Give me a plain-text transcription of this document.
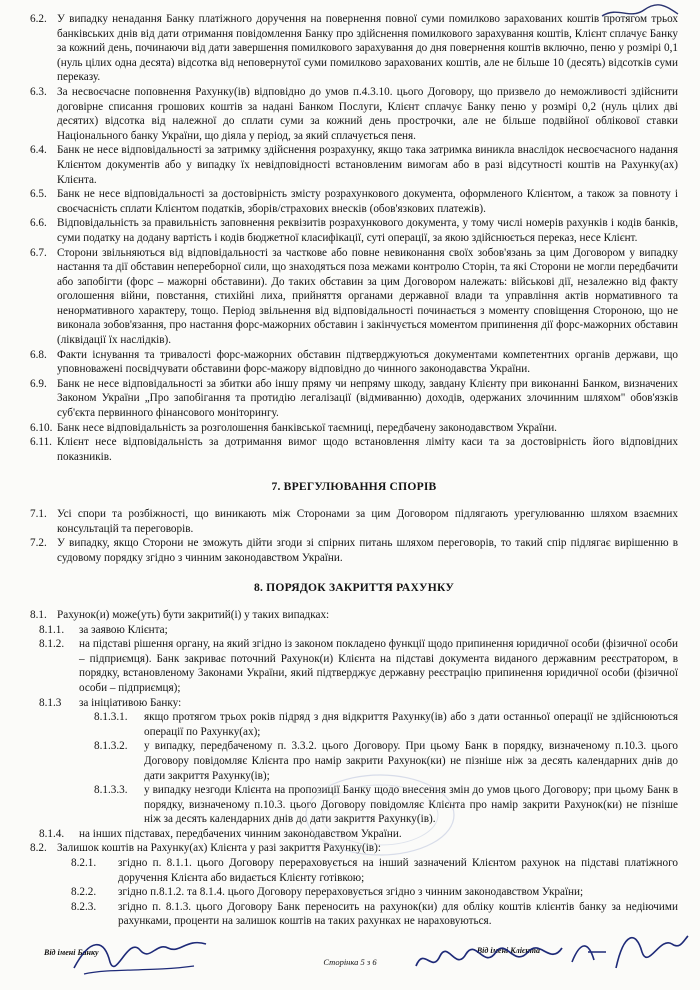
6.2. У випадку ненадання Банку платіжного доручення на повернення повної суми помилково зарахованих коштів протягом трьох банківських днів від дати отримання повідомлення Банку про здійснення помилкового зарахування коштів, Клієнт сплачує Банку за кожний день, починаючи від дати завершення помилкового зарахування до дня повернення коштів включно, пеню у розмірі 0,1 (нуль цілих одна десята) відсотка від неповернутої суми помилково зарахованих коштів, але не більше 10 (десять) відсотків суми переказу.
6.3. За несвоєчасне поповнення Рахунку(ів) відповідно до умов п.4.3.10. цього Договору, що призвело до неможливості здійснити договірне списання грошових коштів за надані Банком Послуги, Клієнт сплачує Банку пеню у розмірі 0,2 (нуль цілих дві десятих) відсотка від належної до сплати суми за кожний день прострочки, але не більше подвійної облікової ставки Національного банку України, що діяла у період, за який сплачується пеня.
6.4. Банк не несе відповідальності за затримку здійснення розрахунку, якщо така затримка виникла внаслідок несвоєчасного надання Клієнтом документів або у випадку їх невідповідності встановленим вимогам або в разі відсутності коштів на Рахунку(ах) Клієнта.
6.5. Банк не несе відповідальності за достовірність змісту розрахункового документа, оформленого Клієнтом, а також за повноту і своєчасність сплати Клієнтом податків, зборів/страхових внесків (обов'язкових платежів).
6.6. Відповідальність за правильність заповнення реквізитів розрахункового документа, у тому числі номерів рахунків і кодів банків, суми податку на додану вартість і кодів бюджетної класифікації, суті операції, за якою здійснюється переказ, несе Клієнт.
6.7. Сторони звільняються від відповідальності за часткове або повне невиконання своїх зобов'язань за цим Договором у випадку настання та дії обставин непереборної сили, що знаходяться поза межами контролю Сторін, та які Сторони не могли передбачити або запобігти (форс – мажорні обставини). До таких обставин за цим Договором належать: військові дії, незалежно від факту оголошення війни, повстання, стихійні лиха, прийняття органами державної влади та управління актів нормативного та ненормативного характеру, тощо. Період звільнення від відповідальності починається з моменту сповіщення Стороною, що не виконала зобов'язання, про настання форс-мажорних обставин і закінчується моментом припинення дії форс-мажорних обставин (ліквідації їх наслідків).
6.8. Факти існування та тривалості форс-мажорних обставин підтверджуються документами компетентних органів держави, що уповноважені посвідчувати обставини форс-мажору відповідно до чинного законодавства України.
6.9. Банк не несе відповідальності за збитки або іншу пряму чи непряму шкоду, завдану Клієнту при виконанні Банком, визначених Законом України „Про запобігання та протидію легалізації (відмиванню) доходів, одержаних злочинним шляхом" обов'язків суб'єкта первинного фінансового моніторингу.
6.10. Банк несе відповідальність за розголошення банківської таємниці, передбачену законодавством України.
6.11. Клієнт несе відповідальність за дотримання вимог щодо встановлення ліміту каси та за достовірність його відповідних показників.
7. ВРЕГУЛЮВАННЯ СПОРІВ
7.1. Усі спори та розбіжності, що виникають між Сторонами за цим Договором підлягають урегулюванню шляхом взаємних консультацій та переговорів.
7.2. У випадку, якщо Сторони не зможуть дійти згоди зі спірних питань шляхом переговорів, то такий спір підлягає вирішенню в судовому порядку згідно з чинним законодавством України.
8. ПОРЯДОК ЗАКРИТТЯ РАХУНКУ
8.1. Рахунок(и) може(уть) бути закритий(і) у таких випадках:
8.1.1.	за заявою Клієнта;
8.1.2.	на підставі рішення органу, на який згідно із законом покладено функції щодо припинення юридичної особи (фізичної особи – підприємця). Банк закриває поточний Рахунок(и) Клієнта на підставі документа виданого державним реєстратором, в порядку, встановленому Законами України, який підтверджує державну реєстрацію припинення юридичної особи (фізичної особи – підприємця);
8.1.3	за ініціативою Банку:
8.1.3.1.	якщо протягом трьох років підряд з дня відкриття Рахунку(ів) або з дати останньої операції не здійснюються операції по Рахунку(ах);
8.1.3.2.	у випадку, передбаченому п. 3.3.2. цього Договору. При цьому Банк в порядку, визначеному п.10.3. цього Договору повідомляє Клієнта про намір закрити Рахунок(ки) не пізніше ніж за десять календарних днів до дати закриття Рахунку(ів);
8.1.3.3.	у випадку незгоди Клієнта на пропозиції Банку щодо внесення змін до умов цього Договору; при цьому Банк в порядку, визначеному п.10.3. цього Договору повідомляє Клієнта про намір закрити Рахунок(ки) не пізніше ніж за десять календарних днів до дати закриття Рахунку(ів).
8.1.4.	на інших підставах, передбачених чинним законодавством України.
8.2. Залишок коштів на Рахунку(ах) Клієнта у разі закриття Рахунку(ів):
8.2.1.	згідно п. 8.1.1. цього Договору перераховується на інший зазначений Клієнтом рахунок на підставі платіжного доручення Клієнта або видається Клієнту готівкою;
8.2.2.	згідно п.8.1.2. та 8.1.4. цього Договору перераховується згідно з чинним законодавством України;
8.2.3.	згідно п. 8.1.3. цього Договору Банк переносить на рахунок(ки) для обліку коштів клієнтів банку за недіючими рахунками, проценти на залишок коштів на таких рахунках не нараховуються.
Від імені Банку
Сторінка 5 з 6
Від імені Клієнта
